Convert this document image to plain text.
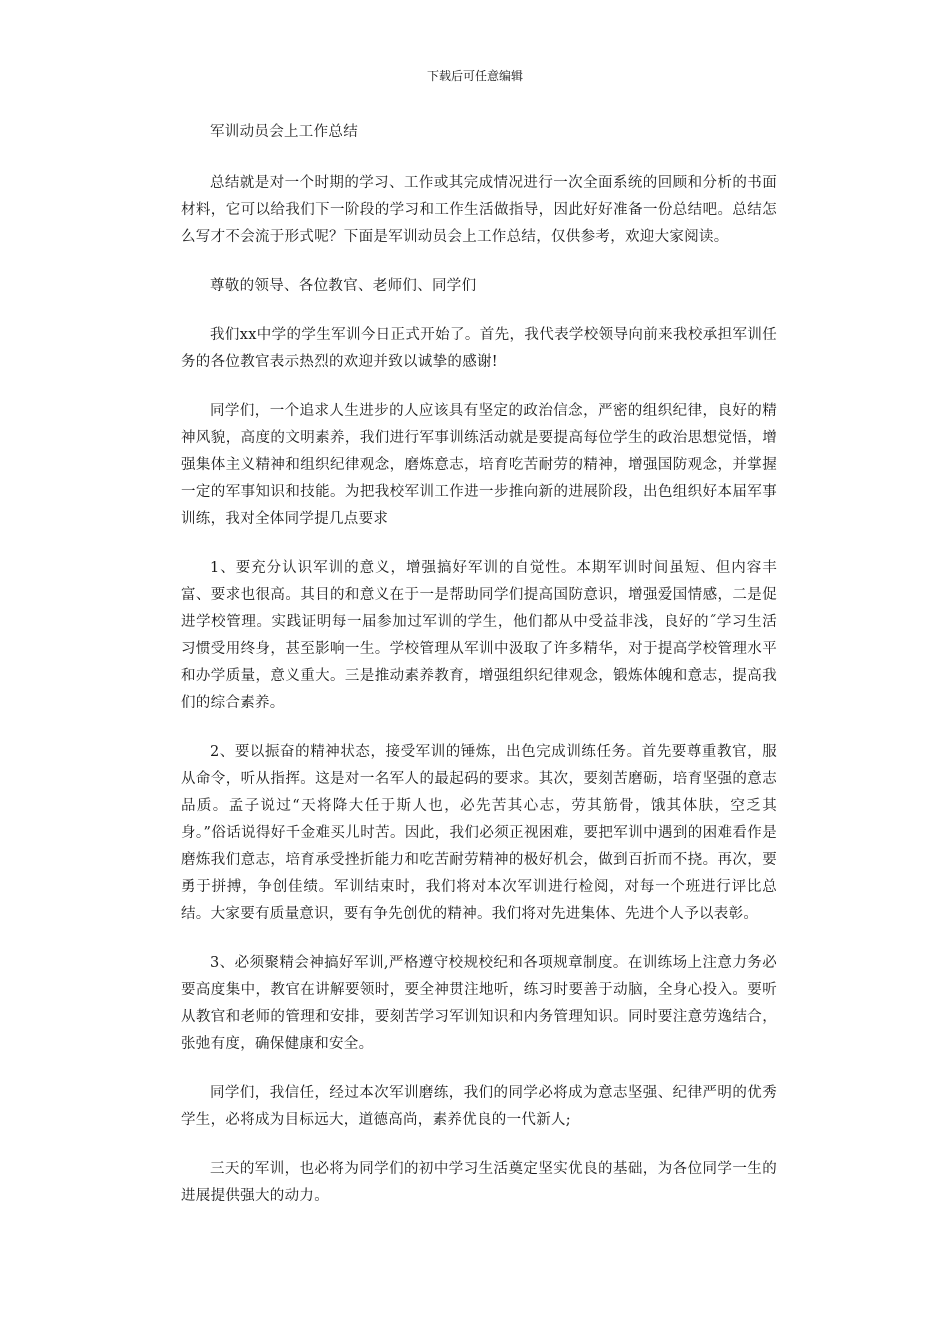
下载后可任意编辑

军训动员会上工作总结

总结就是对一个时期的学习、工作或其完成情况进行一次全面系统的回顾和分析的书面材料，它可以给我们下一阶段的学习和工作生活做指导，因此好好准备一份总结吧。总结怎么写才不会流于形式呢？下面是军训动员会上工作总结，仅供参考，欢迎大家阅读。

尊敬的领导、各位教官、老师们、同学们

我们xx中学的学生军训今日正式开始了。首先，我代表学校领导向前来我校承担军训任务的各位教官表示热烈的欢迎并致以诚挚的感谢!

同学们，一个追求人生进步的人应该具有坚定的政治信念，严密的组织纪律，良好的精神风貌，高度的文明素养，我们进行军事训练活动就是要提高每位学生的政治思想觉悟，增强集体主义精神和组织纪律观念，磨炼意志，培育吃苦耐劳的精神，增强国防观念，并掌握一定的军事知识和技能。为把我校军训工作进一步推向新的进展阶段，出色组织好本届军事训练，我对全体同学提几点要求

1、要充分认识军训的意义，增强搞好军训的自觉性。本期军训时间虽短、但内容丰富、要求也很高。其目的和意义在于一是帮助同学们提高国防意识，增强爱国情感，二是促进学校管理。实践证明每一届参加过军训的学生，他们都从中受益非浅，良好的˝学习生活习惯受用终身，甚至影响一生。学校管理从军训中汲取了许多精华，对于提高学校管理水平和办学质量，意义重大。三是推动素养教育，增强组织纪律观念，锻炼体魄和意志，提高我们的综合素养。

2、要以振奋的精神状态，接受军训的锤炼，出色完成训练任务。首先要尊重教官，服从命令，听从指挥。这是对一名军人的最起码的要求。其次，要刻苦磨砺，培育坚强的意志品质。孟子说过“天将降大任于斯人也，必先苦其心志，劳其筋骨，饿其体肤，空乏其身。”俗话说得好千金难买儿时苦。因此，我们必须正视困难，要把军训中遇到的困难看作是磨炼我们意志，培育承受挫折能力和吃苦耐劳精神的极好机会，做到百折而不挠。再次，要勇于拼搏，争创佳绩。军训结束时，我们将对本次军训进行检阅，对每一个班进行评比总结。大家要有质量意识，要有争先创优的精神。我们将对先进集体、先进个人予以表彰。

3、必须聚精会神搞好军训,严格遵守校规校纪和各项规章制度。在训练场上注意力务必要高度集中，教官在讲解要领时，要全神贯注地听，练习时要善于动脑，全身心投入。要听从教官和老师的管理和安排，要刻苦学习军训知识和内务管理知识。同时要注意劳逸结合，张弛有度，确保健康和安全。

同学们，我信任，经过本次军训磨练，我们的同学必将成为意志坚强、纪律严明的优秀学生，必将成为目标远大，道德高尚，素养优良的一代新人;

三天的军训，也必将为同学们的初中学习生活奠定坚实优良的基础，为各位同学一生的进展提供强大的动力。
